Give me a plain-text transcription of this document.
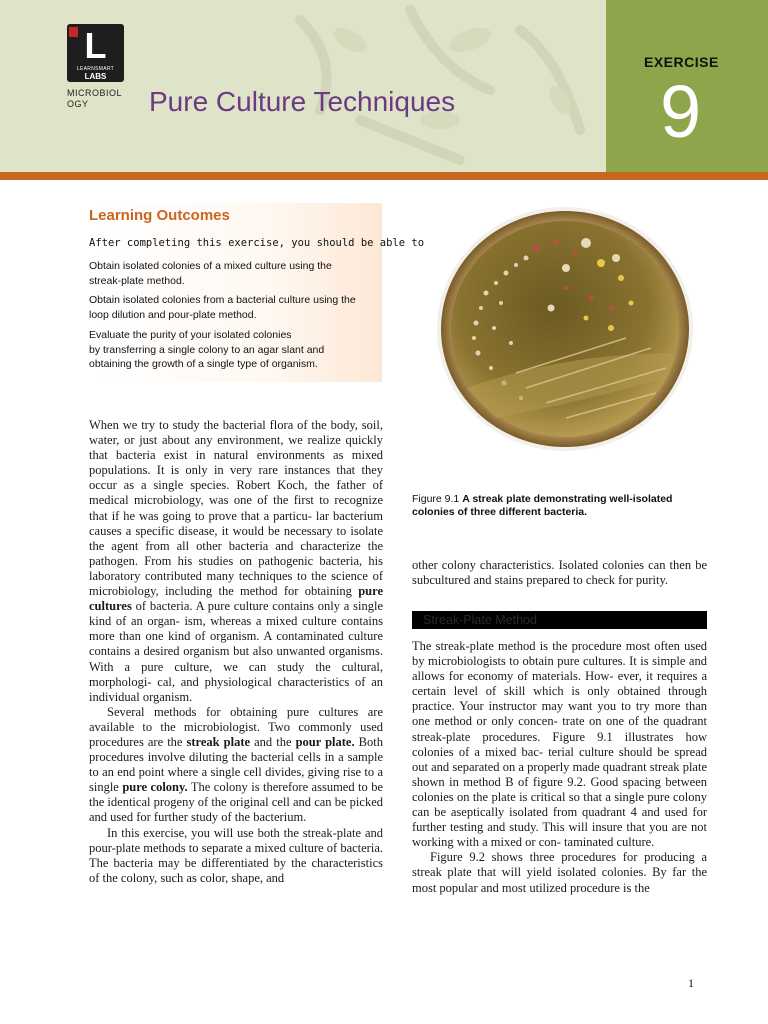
L
LEARNSMART
LABS
MICROBIOL OGY	Pure Culture Techniques
EXERCISE
9
Learning Outcomes
After completing this exercise, you should be able to
Obtain isolated colonies of a mixed culture using the
streak-plate method.
Obtain isolated colonies from a bacterial culture using the
loop dilution and pour-plate method.
Evaluate the purity of your isolated colonies
by transferring a single colony to an agar slant and
obtaining the growth of a single type of organism.

When we try to study the bacterial flora of the body, soil, water, or just about any environment, we realize quickly that bacteria exist in natural environments as mixed populations. It is only in very rare instances that they occur as a single species. Robert Koch, the father of medical microbiology, was one of the first to recognize that if he was going to prove that a particu- lar bacterium causes a specific disease, it would be necessary to isolate the agent from all other bacteria and characterize the pathogen. From his studies on pathogenic bacteria, his laboratory contributed many techniques to the science of microbiology, including the method for obtaining pure cultures of bacteria. A pure culture contains only a single kind of an organ- ism, whereas a mixed culture contains more than one kind of organism. A contaminated culture contains a desired organism but also unwanted organisms. With a pure culture, we can study the cultural, morphologi- cal, and physiological characteristics of an individual organism.

Several methods for obtaining pure cultures are available to the microbiologist. Two commonly used procedures are the streak plate and the pour plate. Both procedures involve diluting the bacterial cells in a sample to an end point where a single cell divides, giving rise to a single pure colony. The colony is therefore assumed to be the identical progeny of the original cell and can be picked and used for further study of the bacterium.

In this exercise, you will use both the streak-plate and pour-plate methods to separate a mixed culture of bacteria. The bacteria may be differentiated by the characteristics of the colony, such as color, shape, and

Figure 9.1 A streak plate demonstrating well-isolated colonies of three different bacteria.

other colony characteristics. Isolated colonies can then be subcultured and stains prepared to check for purity.

Streak-Plate Method

The streak-plate method is the procedure most often used by microbiologists to obtain pure cultures. It is simple and allows for economy of materials. How- ever, it requires a certain level of skill which is only obtained through practice. Your instructor may want you to try more than one method or only concen- trate on one of the quadrant streak-plate procedures. Figure 9.1 illustrates how colonies of a mixed bac- terial culture should be spread out and separated on a properly made quadrant streak plate shown in method B of figure 9.2. Good spacing between colonies on the plate is critical so that a single pure colony can be aseptically isolated from quadrant 4 and used for further testing and study. This will insure that you are not working with a mixed or con- taminated culture.

Figure 9.2 shows three procedures for producing a streak plate that will yield isolated colonies. By far the most popular and most utilized procedure is the

1
